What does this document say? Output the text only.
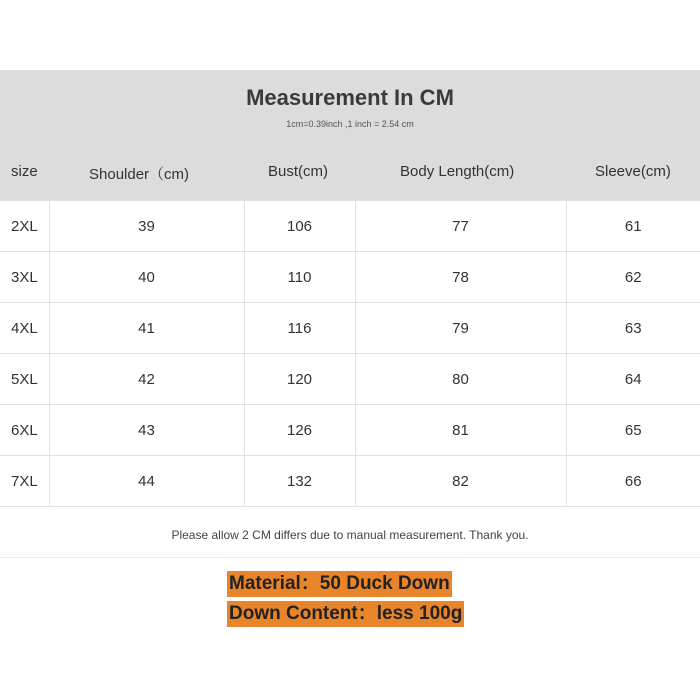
Measurement In CM
1cm=0.39inch ,1 inch = 2.54 cm
size	Shoulder（cm)	Bust(cm)	Body Length(cm)	Sleeve(cm)
2XL	39	106	77	61
3XL	40	110	78	62
4XL	41	116	79	63
5XL	42	120	80	64
6XL	43	126	81	65
7XL	44	132	82	66
Please allow 2 CM differs due to manual measurement. Thank you.
Material：50 Duck Down
Down Content：less 100g
